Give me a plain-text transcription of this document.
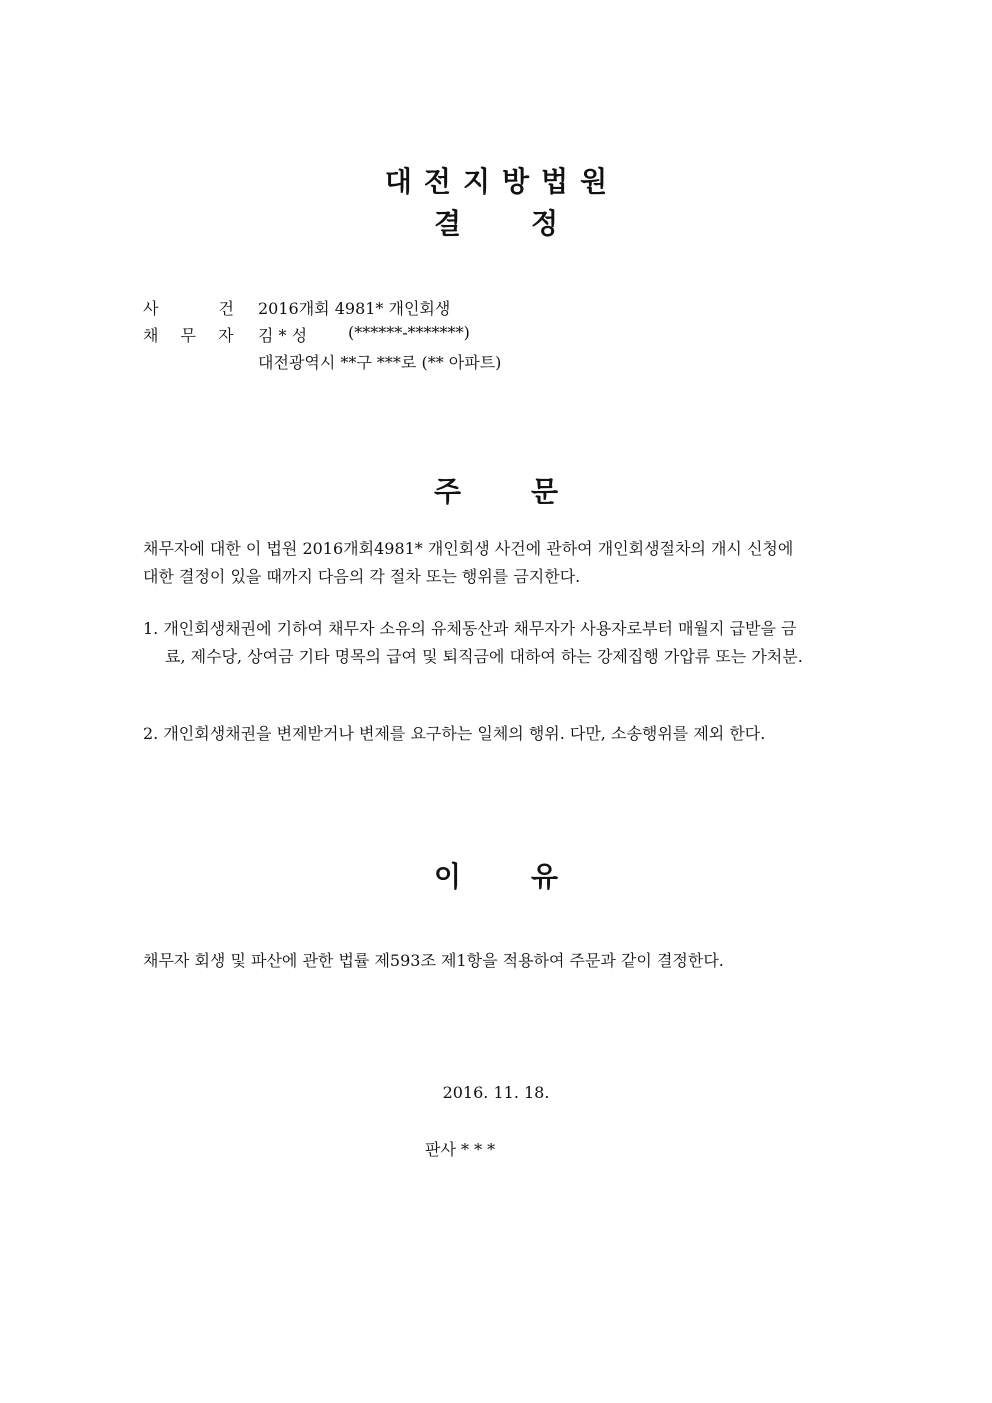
대전지방법원
결	정
사	건 2016개회 4981* 개인회생
채 무 자 김 * 성	(******-*******)
대전광역시 **구 ***로 (** 아파트)
주	문
채무자에 대한 이 법원 2016개회4981* 개인회생 사건에 관하여 개인회생절차의 개시 신청에 대한 결정이 있을 때까지 다음의 각 절차 또는 행위를 금지한다.
1. 개인회생채권에 기하여 채무자 소유의 유체동산과 채무자가 사용자로부터 매월지 급받을 금료, 제수당, 상여금 기타 명목의 급여 및 퇴직금에 대하여 하는 강제집행 가압류 또는 가처분.
2. 개인회생채권을 변제받거나 변제를 요구하는 일체의 행위. 다만, 소송행위를 제외 한다.
이	유
채무자 회생 및 파산에 관한 법률 제593조 제1항을 적용하여 주문과 같이 결정한다.
2016. 11. 18.
판사 * * *
